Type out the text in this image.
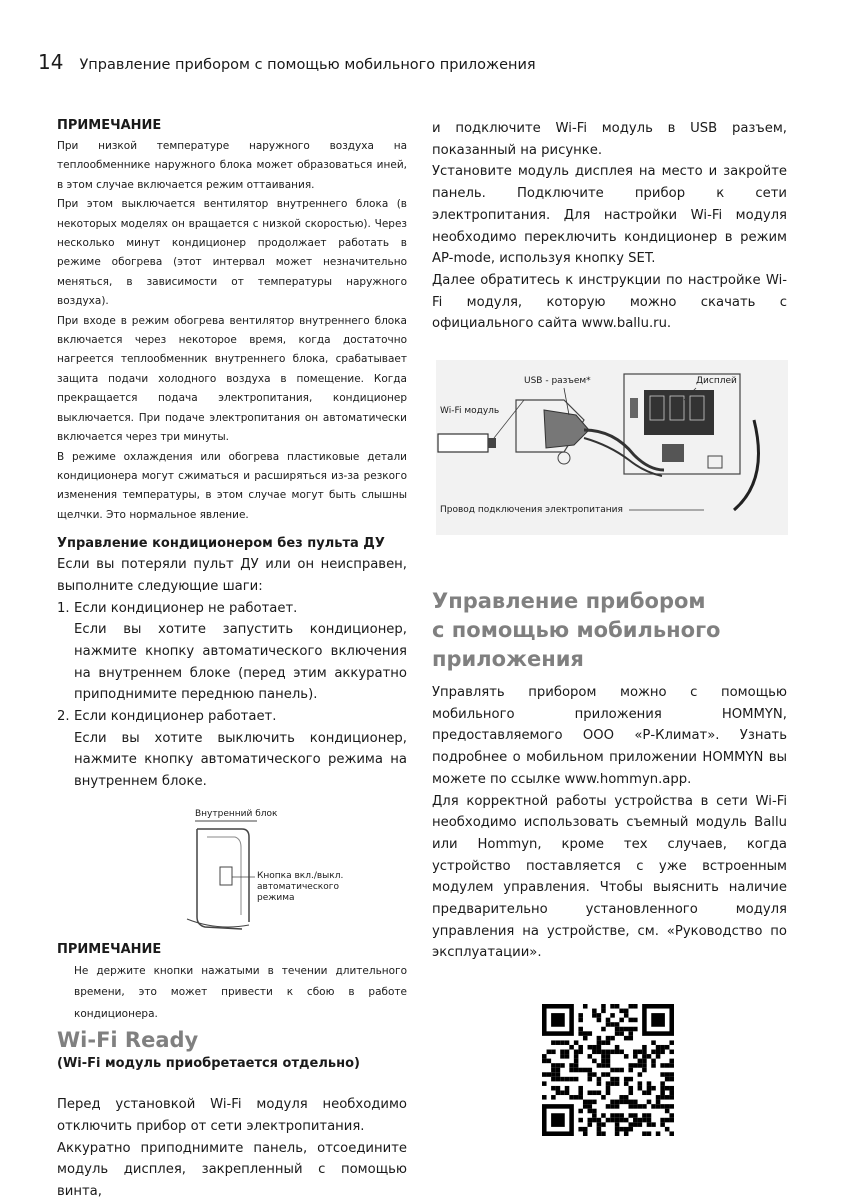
14 Управление прибором с помощью мобильного приложения
ПРИМЕЧАНИЕ

При низкой температуре наружного воздуха на теплообменнике наружного блока может образоваться иней, в этом случае включается режим оттаивания.

При этом выключается вентилятор внутреннего блока (в некоторых моделях он вращается с низкой скоростью). Через несколько минут кондиционер продолжает работать в режиме обогрева (этот интервал может незначительно меняться, в зависимости от температуры наружного воздуха).

При входе в режим обогрева вентилятор внутреннего блока включается через некоторое время, когда достаточно нагреется теплообменник внутреннего блока, срабатывает защита подачи холодного воздуха в помещение. Когда прекращается подача электропитания, кондиционер выключается. При подаче электропитания он автоматически включается через три минуты.

В режиме охлаждения или обогрева пластиковые детали кондиционера могут сжиматься и расширяться из-за резкого изменения температуры, в этом случае могут быть слышны щелчки. Это нормальное явление.

Управление кондиционером без пульта ДУ

Если вы потеряли пульт ДУ или он неисправен, выполните следующие шаги:

1. Если кондиционер не работает.
Если вы хотите запустить кондиционер, нажмите кнопку автоматического включения на внутреннем блоке (перед этим аккуратно приподнимите переднюю панель).
2. Если кондиционер работает.
Если вы хотите выключить кондиционер, нажмите кнопку автоматического режима на внутреннем блоке.
Внутренний блок
Кнопка вкл./выкл.
автоматического
режима
ПРИМЕЧАНИЕ

Не держите кнопки нажатыми в течении длительного времени, это может привести к сбою в работе кондиционера.

Wi-Fi Ready
(Wi-Fi модуль приобретается отдельно)

Перед установкой Wi-Fi модуля необходимо отключить прибор от сети электропитания.

Аккуратно приподнимите панель, отсоедините модуль дисплея, закрепленный с помощью винта,

и подключите Wi-Fi модуль в USB разъем, показанный на рисунке.

Установите модуль дисплея на место и закройте панель. Подключите прибор к сети электропитания. Для настройки Wi-Fi модуля необходимо переключить кондиционер в режим AP-mode, используя кнопку SET.

Далее обратитесь к инструкции по настройке Wi-Fi модуля, которую можно скачать с официального сайта www.ballu.ru.

USB - разъем*	Дисплей
Wi-Fi модуль
Провод подключения электропитания
Управление прибором
с помощью мобильного
приложения

Управлять прибором можно с помощью мобильного приложения HOMMYN, предоставляемого ООО «Р-Климат». Узнать подробнее о мобильном приложении HOMMYN вы можете по ссылке www.hommyn.app.

Для корректной работы устройства в сети Wi-Fi необходимо использовать съемный модуль Ballu или Hommyn, кроме тех случаев, когда устройство поставляется с уже встроенным модулем управления. Чтобы выяснить наличие предварительно установленного модуля управления на устройстве, см. «Руководство по эксплуатации».
